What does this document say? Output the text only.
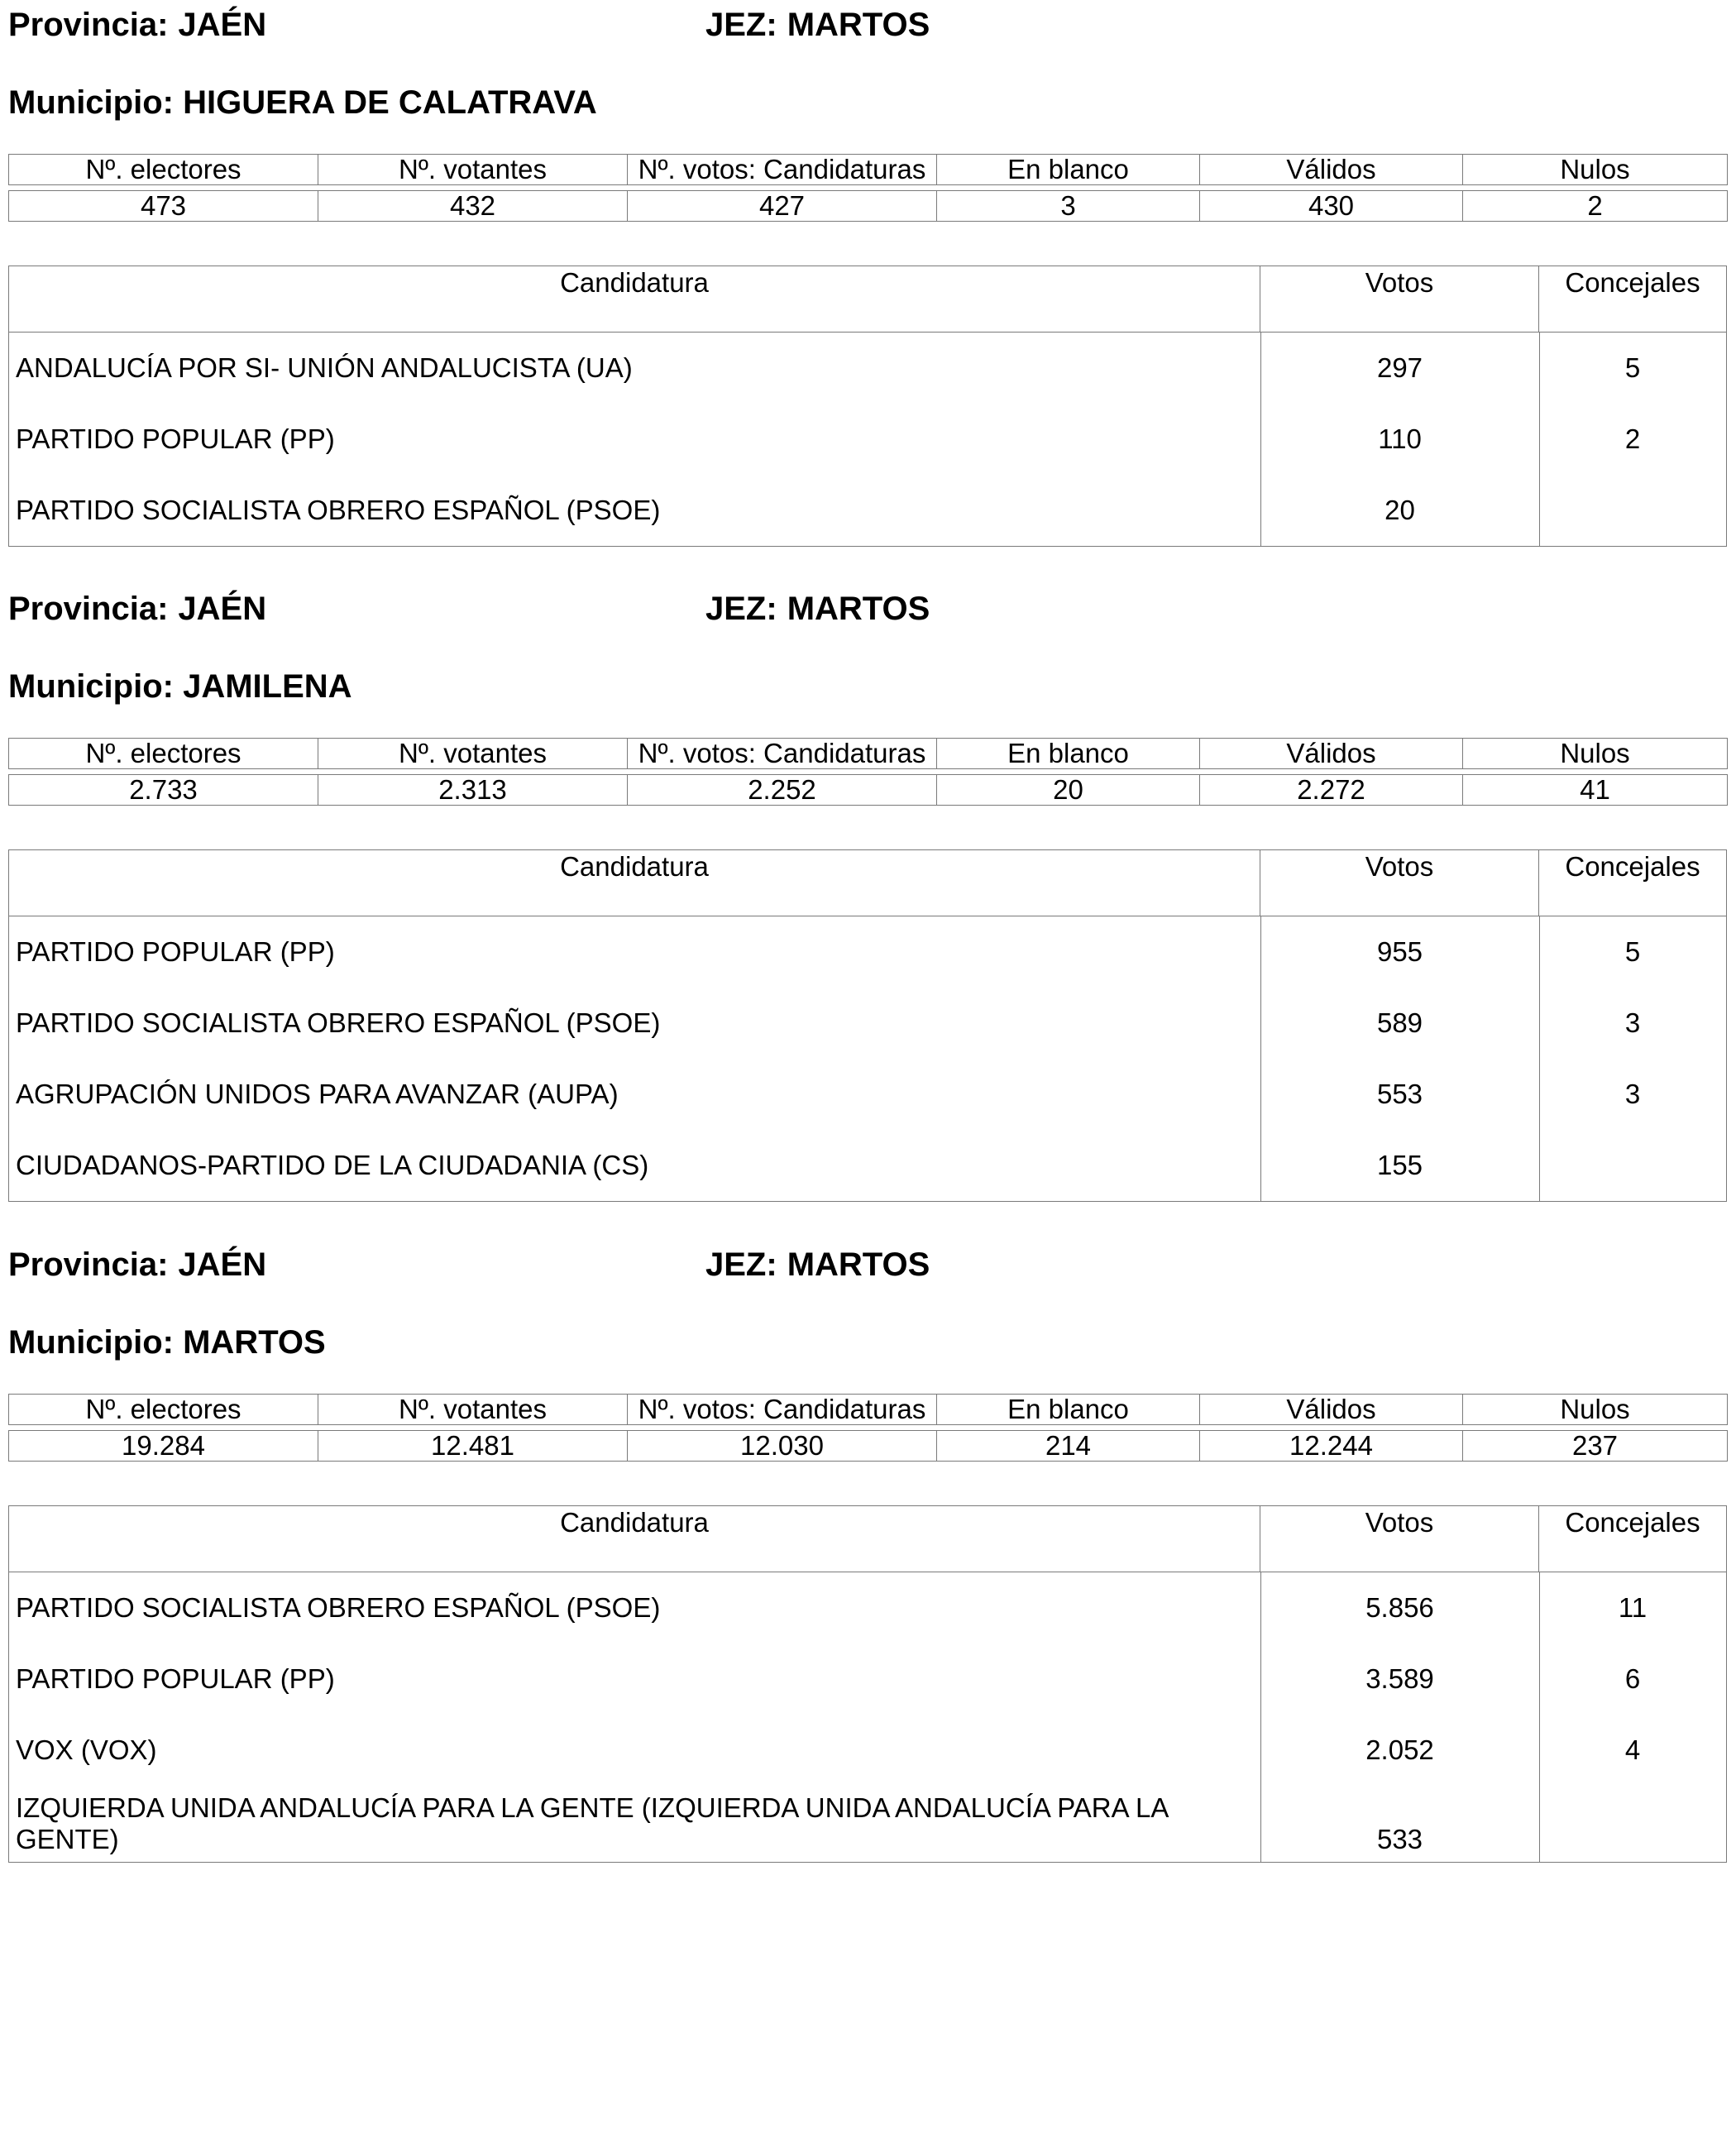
Provincia: JAÉN	JEZ: MARTOS
Municipio: HIGUERA DE CALATRAVA
Nº. electores	Nº. votantes	Nº. votos: Candidaturas	En blanco	Válidos	Nulos

473	432	427	3	430	2
Candidatura	Votos	Concejales
ANDALUCÍA POR SI- UNIÓN ANDALUCISTA (UA)	297	5
PARTIDO POPULAR (PP)	110	2
PARTIDO SOCIALISTA OBRERO ESPAÑOL (PSOE)	20
Provincia: JAÉN	JEZ: MARTOS
Municipio: JAMILENA
Nº. electores	Nº. votantes	Nº. votos: Candidaturas	En blanco	Válidos	Nulos

2.733	2.313	2.252	20	2.272	41
Candidatura	Votos	Concejales
PARTIDO POPULAR (PP)	955	5
PARTIDO SOCIALISTA OBRERO ESPAÑOL (PSOE)	589	3
AGRUPACIÓN UNIDOS PARA AVANZAR (AUPA)	553	3
CIUDADANOS-PARTIDO DE LA CIUDADANIA (CS)	155
Provincia: JAÉN	JEZ: MARTOS
Municipio: MARTOS
Nº. electores	Nº. votantes	Nº. votos: Candidaturas	En blanco	Válidos	Nulos

19.284	12.481	12.030	214	12.244	237
Candidatura	Votos	Concejales
PARTIDO SOCIALISTA OBRERO ESPAÑOL (PSOE)	5.856	11
PARTIDO POPULAR (PP)	3.589	6
VOX (VOX)	2.052	4
IZQUIERDA UNIDA ANDALUCÍA PARA LA GENTE (IZQUIERDA UNIDA ANDALUCÍA PARA LA GENTE)	533
